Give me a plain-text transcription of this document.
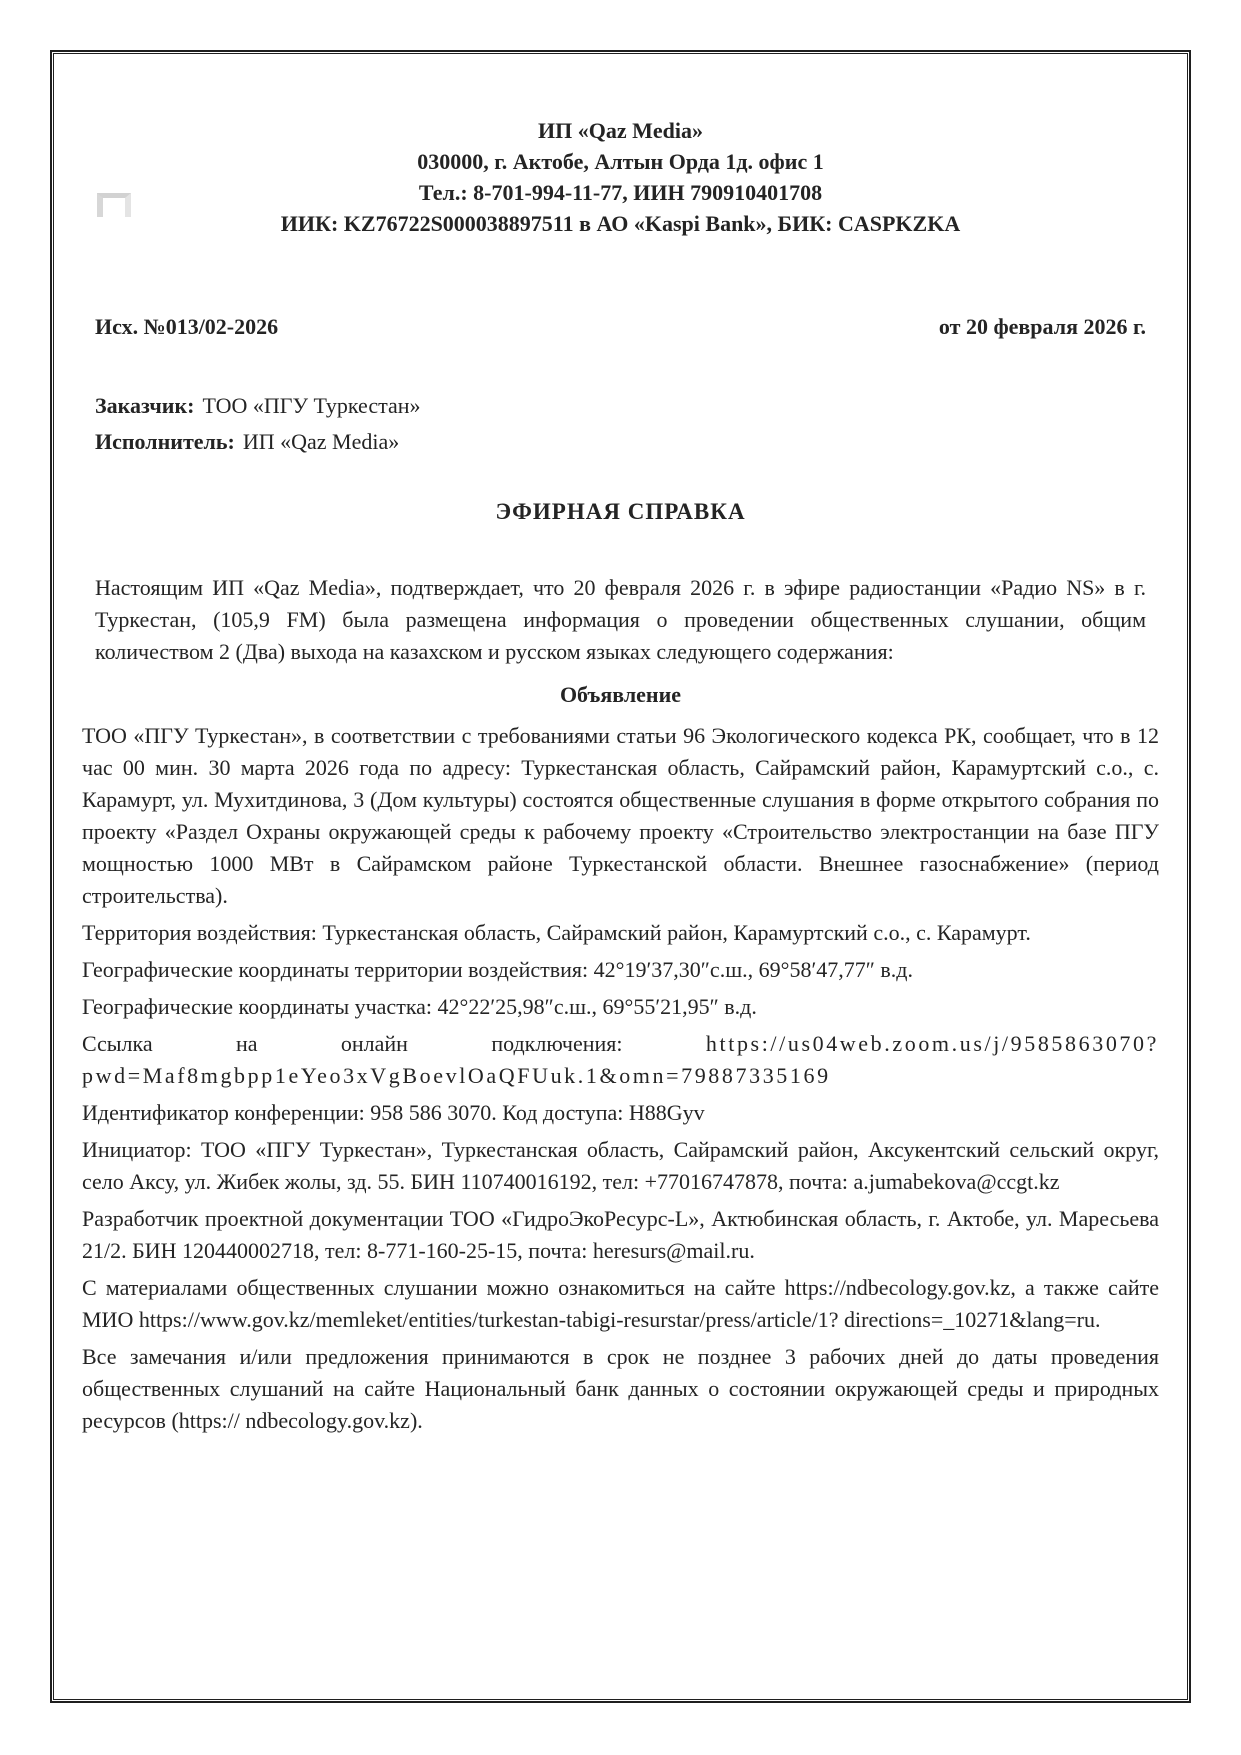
ИП «Qaz Media»
030000, г. Актобе, Алтын Орда 1д. офис 1
Тел.: 8-701-994-11-77, ИИН 790910401708
ИИК: KZ76722S000038897511 в АО «Kaspi Bank», БИК: CASPKZKA
Исх. №013/02-2026	от 20 февраля 2026 г.
Заказчик: ТОО «ПГУ Туркестан»
Исполнитель: ИП «Qaz Media»
ЭФИРНАЯ СПРАВКА

Настоящим ИП «Qaz Media», подтверждает, что 20 февраля 2026 г. в эфире радиостанции «Радио NS» в г. Туркестан, (105,9 FM) была размещена информация о проведении общественных слушании, общим количеством 2 (Два) выхода на казахском и русском языках следующего содержания:

Объявление

ТОО «ПГУ Туркестан», в соответствии с требованиями статьи 96 Экологического кодекса РК, сообщает, что в 12 час 00 мин. 30 марта 2026 года по адресу: Туркестанская область, Сайрамский район, Карамуртский с.о., с. Карамурт, ул. Мухитдинова, 3 (Дом культуры) состоятся общественные слушания в форме открытого собрания по проекту «Раздел Охраны окружающей среды к рабочему проекту «Строительство электростанции на базе ПГУ мощностью 1000 МВт в Сайрамском районе Туркестанской области. Внешнее газоснабжение» (период строительства).

Территория воздействия: Туркестанская область, Сайрамский район, Карамуртский с.о., с. Карамурт.

Географические координаты территории воздействия: 42°19′37,30″с.ш., 69°58′47,77″ в.д.

Географические координаты участка: 42°22′25,98″с.ш., 69°55′21,95″ в.д.

Ссылка на онлайн подключения:	https://us04web.zoom.us/j/9585863070?pwd=Maf8mgbpp1eYeo3xVgBoevlOaQFUuk.1&omn=79887335169

Идентификатор конференции: 958 586 3070. Код доступа: H88Gyv

Инициатор: ТОО «ПГУ Туркестан», Туркестанская область, Сайрамский район, Аксукентский сельский округ, село Аксу, ул. Жибек жолы, зд. 55. БИН 110740016192, тел: +77016747878, почта: a.jumabekova@ccgt.kz

Разработчик проектной документации ТОО «ГидроЭкоРесурс-L», Актюбинская область, г. Актобе, ул. Маресьева 21/2. БИН 120440002718, тел: 8-771-160-25-15, почта: heresurs@mail.ru.

С материалами общественных слушании можно ознакомиться на сайте https://ndbecology.gov.kz, а также сайте МИО https://www.gov.kz/memleket/entities/turkestan-tabigi-resurstar/press/article/1? directions=_10271&lang=ru.

Все замечания и/или предложения принимаются в срок не позднее 3 рабочих дней до даты проведения общественных слушаний на сайте Национальный банк данных о состоянии окружающей среды и природных ресурсов (https:// ndbecology.gov.kz).
